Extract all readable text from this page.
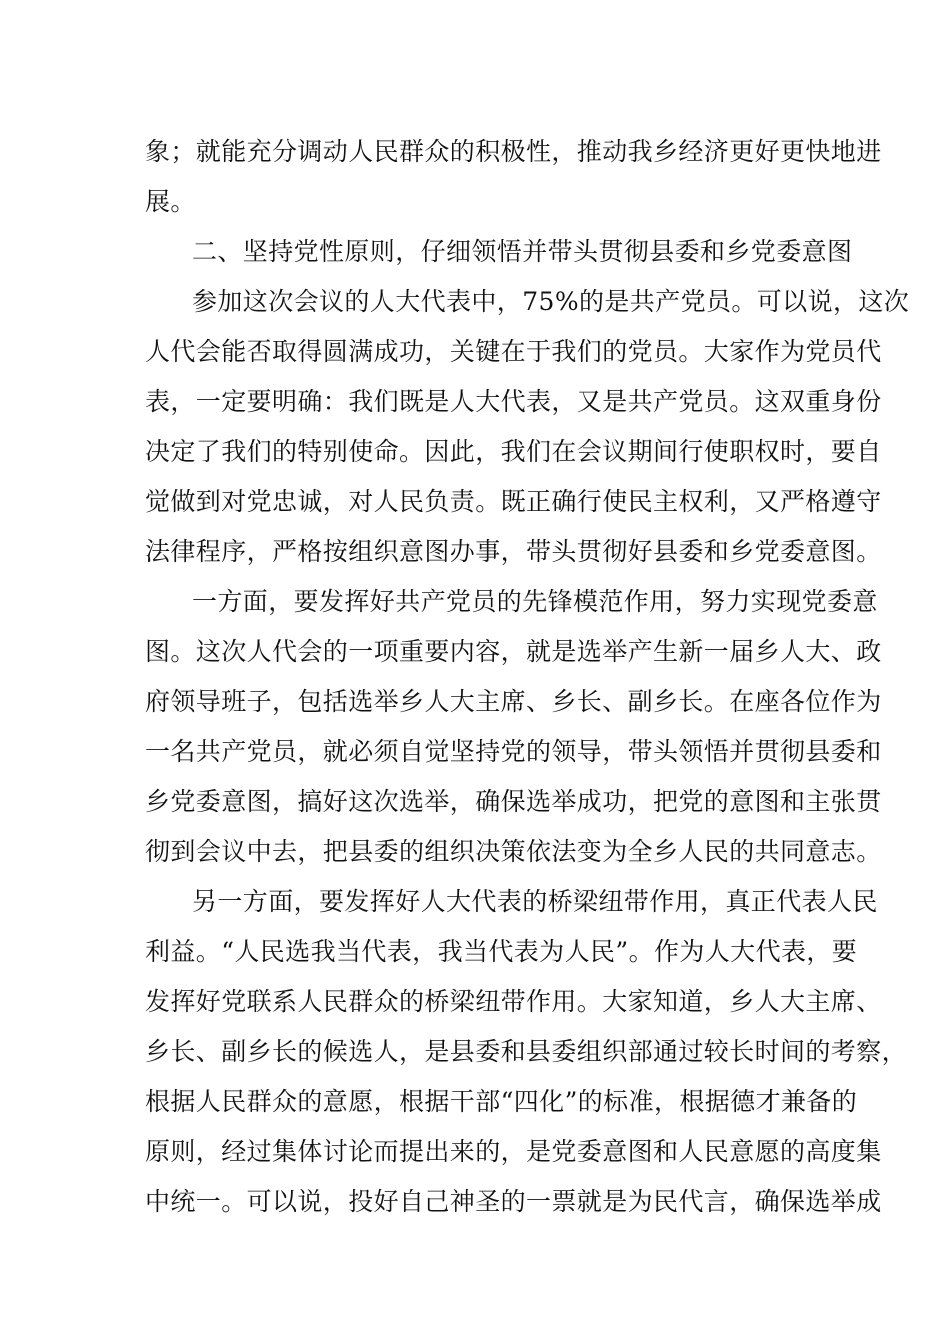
象；就能充分调动人民群众的积极性，推动我乡经济更好更快地进
展。
二、坚持党性原则，仔细领悟并带头贯彻县委和乡党委意图
参加这次会议的人大代表中，75%的是共产党员。可以说，这次
人代会能否取得圆满成功，关键在于我们的党员。大家作为党员代
表，一定要明确：我们既是人大代表，又是共产党员。这双重身份
决定了我们的特别使命。因此，我们在会议期间行使职权时，要自
觉做到对党忠诚，对人民负责。既正确行使民主权利，又严格遵守
法律程序，严格按组织意图办事，带头贯彻好县委和乡党委意图。
一方面，要发挥好共产党员的先锋模范作用，努力实现党委意
图。这次人代会的一项重要内容，就是选举产生新一届乡人大、政
府领导班子，包括选举乡人大主席、乡长、副乡长。在座各位作为
一名共产党员，就必须自觉坚持党的领导，带头领悟并贯彻县委和
乡党委意图，搞好这次选举，确保选举成功，把党的意图和主张贯
彻到会议中去，把县委的组织决策依法变为全乡人民的共同意志。
另一方面，要发挥好人大代表的桥梁纽带作用，真正代表人民
利益。“人民选我当代表，我当代表为人民”。作为人大代表，要
发挥好党联系人民群众的桥梁纽带作用。大家知道，乡人大主席、
乡长、副乡长的候选人，是县委和县委组织部通过较长时间的考察，
根据人民群众的意愿，根据干部“四化”的标准，根据德才兼备的
原则，经过集体讨论而提出来的，是党委意图和人民意愿的高度集
中统一。可以说，投好自己神圣的一票就是为民代言，确保选举成
